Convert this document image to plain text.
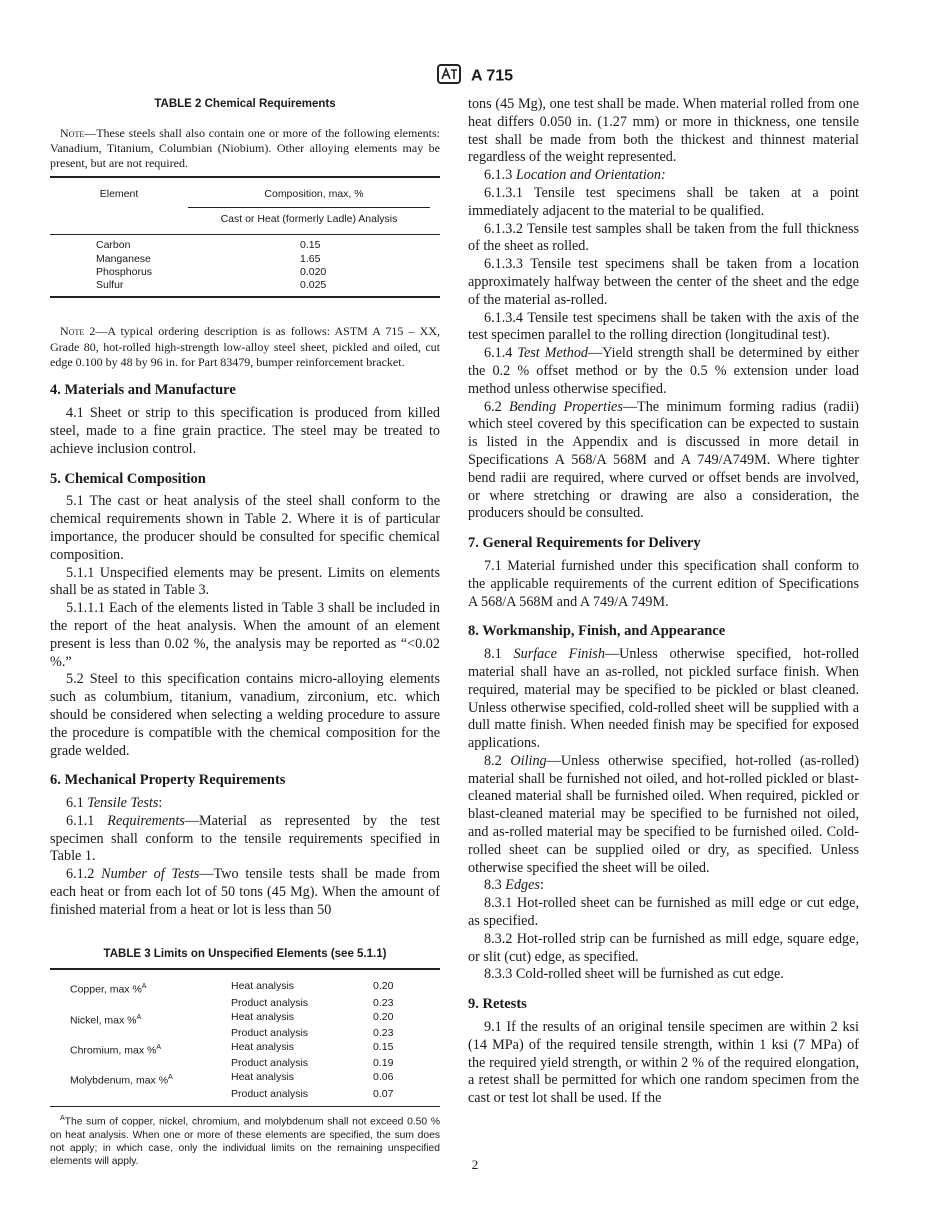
A 715
TABLE 2 Chemical Requirements

Note—These steels shall also contain one or more of the following elements: Vanadium, Titanium, Columbian (Niobium). Other alloying elements may be present, but are not required.

Element	Composition, max, %
Cast or Heat (formerly Ladle) Analysis
Carbon	0.15
Manganese	1.65
Phosphorus	0.020
Sulfur	0.025

Note 2—A typical ordering description is as follows: ASTM A 715 – XX, Grade 80, hot-rolled high-strength low-alloy steel sheet, pickled and oiled, cut edge 0.100 by 48 by 96 in. for Part 83479, bumper reinforcement bracket.

4. Materials and Manufacture

4.1 Sheet or strip to this specification is produced from killed steel, made to a fine grain practice. The steel may be treated to achieve inclusion control.

5. Chemical Composition

5.1 The cast or heat analysis of the steel shall conform to the chemical requirements shown in Table 2. Where it is of particular importance, the producer should be consulted for specific chemical composition.

5.1.1 Unspecified elements may be present. Limits on elements shall be as stated in Table 3.

5.1.1.1 Each of the elements listed in Table 3 shall be included in the report of the heat analysis. When the amount of an element present is less than 0.02 %, the analysis may be reported as “<0.02 %.”

5.2 Steel to this specification contains micro-alloying elements such as columbium, titanium, vanadium, zirconium, etc. which should be considered when selecting a welding procedure to assure the procedure is compatible with the chemical composition for the grade welded.

6. Mechanical Property Requirements

6.1 Tensile Tests:

6.1.1 Requirements—Material as represented by the test specimen shall conform to the tensile requirements specified in Table 1.

6.1.2 Number of Tests—Two tensile tests shall be made from each heat or from each lot of 50 tons (45 Mg). When the amount of finished material from a heat or lot is less than 50

TABLE 3 Limits on Unspecified Elements (see 5.1.1)
Copper, max %$^A$	Heat analysis	0.20
Product analysis	0.23
Nickel, max %$^A$	Heat analysis	0.20
Product analysis	0.23
Chromium, max %$^A$	Heat analysis	0.15
Product analysis	0.19
Molybdenum, max %$^A$	Heat analysis	0.06
Product analysis	0.07
$^A$The sum of copper, nickel, chromium, and molybdenum shall not exceed 0.50 % on heat analysis. When one or more of these elements are specified, the sum does not apply; in which case, only the individual limits on the remaining unspecified elements will apply.

tons (45 Mg), one test shall be made. When material rolled from one heat differs 0.050 in. (1.27 mm) or more in thickness, one tensile test shall be made from both the thickest and thinnest material regardless of the weight represented.

6.1.3 Location and Orientation:

6.1.3.1 Tensile test specimens shall be taken at a point immediately adjacent to the material to be qualified.

6.1.3.2 Tensile test samples shall be taken from the full thickness of the sheet as rolled.

6.1.3.3 Tensile test specimens shall be taken from a location approximately halfway between the center of the sheet and the edge of the material as-rolled.

6.1.3.4 Tensile test specimens shall be taken with the axis of the test specimen parallel to the rolling direction (longitudinal test).

6.1.4 Test Method—Yield strength shall be determined by either the 0.2 % offset method or by the 0.5 % extension under load method unless otherwise specified.

6.2 Bending Properties—The minimum forming radius (radii) which steel covered by this specification can be expected to sustain is listed in the Appendix and is discussed in more detail in Specifications A 568/A 568M and A 749/A749M. Where tighter bend radii are required, where curved or offset bends are involved, or where stretching or drawing are also a consideration, the producers should be consulted.

7. General Requirements for Delivery

7.1 Material furnished under this specification shall conform to the applicable requirements of the current edition of Specifications A 568/A 568M and A 749/A 749M.

8. Workmanship, Finish, and Appearance

8.1 Surface Finish—Unless otherwise specified, hot-rolled material shall have an as-rolled, not pickled surface finish. When required, material may be specified to be pickled or blast cleaned. Unless otherwise specified, cold-rolled sheet will be supplied with a dull matte finish. When needed finish may be specified for exposed applications.

8.2 Oiling—Unless otherwise specified, hot-rolled (as-rolled) material shall be furnished not oiled, and hot-rolled pickled or blast-cleaned material shall be furnished oiled. When required, pickled or blast-cleaned material may be specified to be furnished not oiled, and as-rolled material may be specified to be furnished oiled. Cold-rolled sheet can be supplied oiled or dry, as specified. Unless otherwise specified the sheet will be oiled.

8.3 Edges:

8.3.1 Hot-rolled sheet can be furnished as mill edge or cut edge, as specified.

8.3.2 Hot-rolled strip can be furnished as mill edge, square edge, or slit (cut) edge, as specified.

8.3.3 Cold-rolled sheet will be furnished as cut edge.

9. Retests

9.1 If the results of an original tensile specimen are within 2 ksi (14 MPa) of the required tensile strength, within 1 ksi (7 MPa) of the required yield strength, or within 2 % of the required elongation, a retest shall be permitted for which one random specimen from the cast or test lot shall be used. If the

2
